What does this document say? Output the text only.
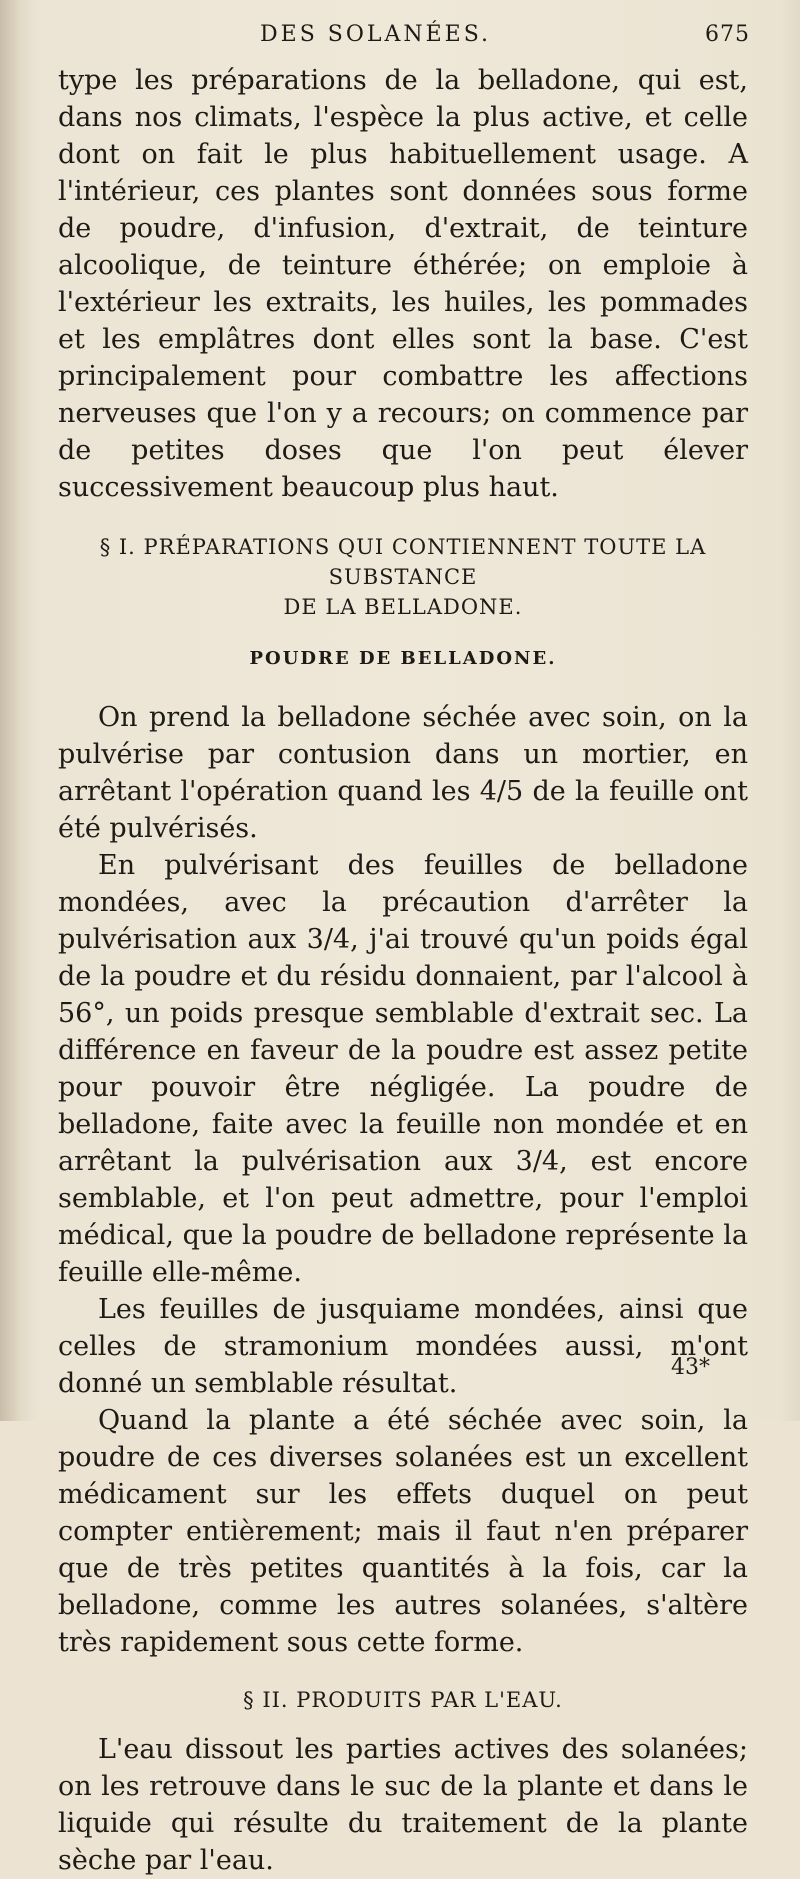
DES SOLANÉES.	675

type les préparations de la belladone, qui est, dans nos climats, l'espèce la plus active, et celle dont on fait le plus habituellement usage. A l'intérieur, ces plantes sont données sous forme de poudre, d'infusion, d'extrait, de teinture alcoolique, de teinture éthérée; on emploie à l'extérieur les extraits, les huiles, les pommades et les emplâtres dont elles sont la base. C'est principalement pour combattre les affections nerveuses que l'on y a recours; on commence par de petites doses que l'on peut élever successivement beaucoup plus haut.

§ I. PRÉPARATIONS QUI CONTIENNENT TOUTE LA SUBSTANCE
DE LA BELLADONE.
POUDRE DE BELLADONE.

On prend la belladone séchée avec soin, on la pulvérise par contusion dans un mortier, en arrêtant l'opération quand les 4/5 de la feuille ont été pulvérisés.

En pulvérisant des feuilles de belladone mondées, avec la précaution d'arrêter la pulvérisation aux 3/4, j'ai trouvé qu'un poids égal de la poudre et du résidu donnaient, par l'alcool à 56°, un poids presque semblable d'extrait sec. La différence en faveur de la poudre est assez petite pour pouvoir être négligée. La poudre de belladone, faite avec la feuille non mondée et en arrêtant la pulvérisation aux 3/4, est encore semblable, et l'on peut admettre, pour l'emploi médical, que la poudre de belladone représente la feuille elle-même.

Les feuilles de jusquiame mondées, ainsi que celles de stramonium mondées aussi, m'ont donné un semblable résultat.

Quand la plante a été séchée avec soin, la poudre de ces diverses solanées est un excellent médicament sur les effets duquel on peut compter entièrement; mais il faut n'en préparer que de très petites quantités à la fois, car la belladone, comme les autres solanées, s'altère très rapidement sous cette forme.

§ II. PRODUITS PAR L'EAU.

L'eau dissout les parties actives des solanées; on les retrouve dans le suc de la plante et dans le liquide qui résulte du traitement de la plante sèche par l'eau.

43*
